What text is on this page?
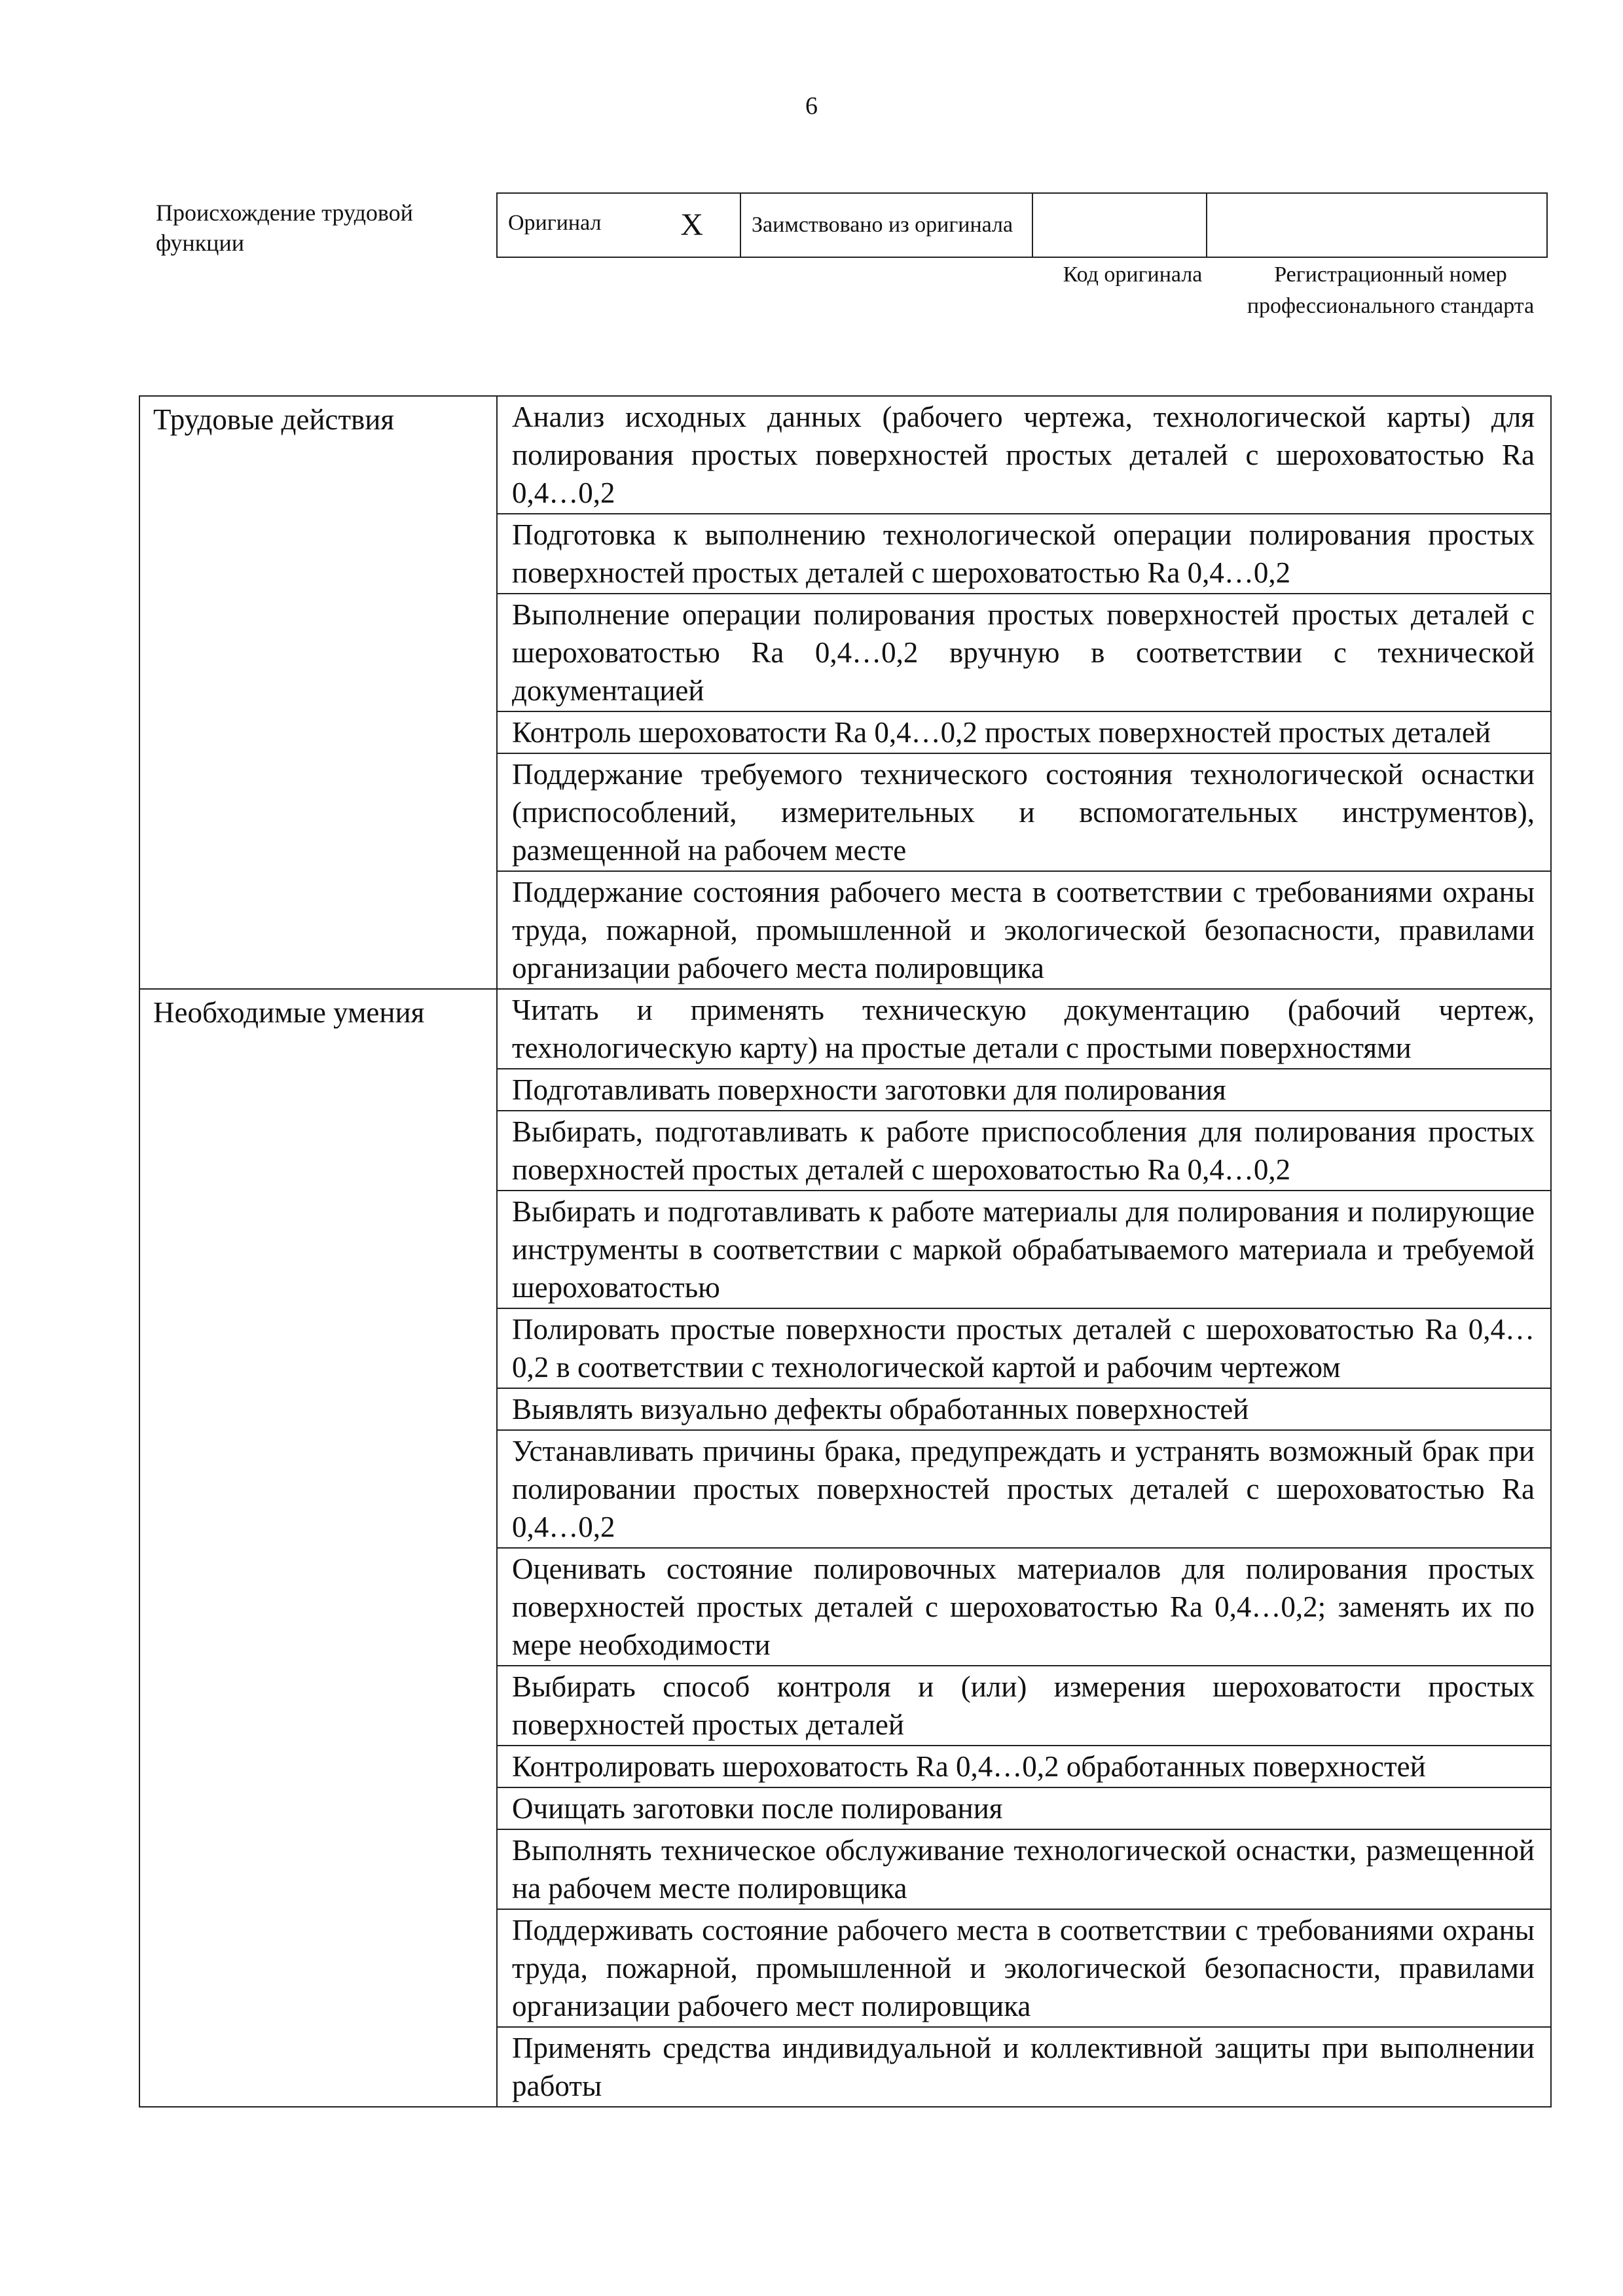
6
Происхождение трудовой функции
Оригинал	X	Заимствовано из оригинала		
Код оригинала	Регистрационный номер профессионального стандарта
Трудовые действия	Анализ исходных данных (рабочего чертежа, технологической карты) для полирования простых поверхностей простых деталей с шероховатостью Ra 0,4…0,2
	Подготовка к выполнению технологической операции полирования простых поверхностей простых деталей с шероховатостью Ra 0,4…0,2
	Выполнение операции полирования простых поверхностей простых деталей с шероховатостью Ra 0,4…0,2 вручную в соответствии с технической документацией
	Контроль шероховатости Ra 0,4…0,2 простых поверхностей простых деталей
	Поддержание требуемого технического состояния технологической оснастки (приспособлений, измерительных и вспомогательных инструментов), размещенной на рабочем месте
	Поддержание состояния рабочего места в соответствии с требованиями охраны труда, пожарной, промышленной и экологической безопасности, правилами организации рабочего места полировщика
Необходимые умения	Читать и применять техническую документацию (рабочий чертеж, технологическую карту) на простые детали с простыми поверхностями
	Подготавливать поверхности заготовки для полирования
	Выбирать, подготавливать к работе приспособления для полирования простых поверхностей простых деталей с шероховатостью Ra 0,4…0,2
	Выбирать и подготавливать к работе материалы для полирования и полирующие инструменты в соответствии с маркой обрабатываемого материала и требуемой шероховатостью
	Полировать простые поверхности простых деталей с шероховатостью Ra 0,4…0,2 в соответствии с технологической картой и рабочим чертежом
	Выявлять визуально дефекты обработанных поверхностей
	Устанавливать причины брака, предупреждать и устранять возможный брак при полировании простых поверхностей простых деталей с шероховатостью Ra 0,4…0,2
	Оценивать состояние полировочных материалов для полирования простых поверхностей простых деталей с шероховатостью Ra 0,4…0,2; заменять их по мере необходимости
	Выбирать способ контроля и (или) измерения шероховатости простых поверхностей простых деталей
	Контролировать шероховатость Ra 0,4…0,2 обработанных поверхностей
	Очищать заготовки после полирования
	Выполнять техническое обслуживание технологической оснастки, размещенной на рабочем месте полировщика
	Поддерживать состояние рабочего места в соответствии с требованиями охраны труда, пожарной, промышленной и экологической безопасности, правилами организации рабочего мест полировщика
	Применять средства индивидуальной и коллективной защиты при выполнении работы
